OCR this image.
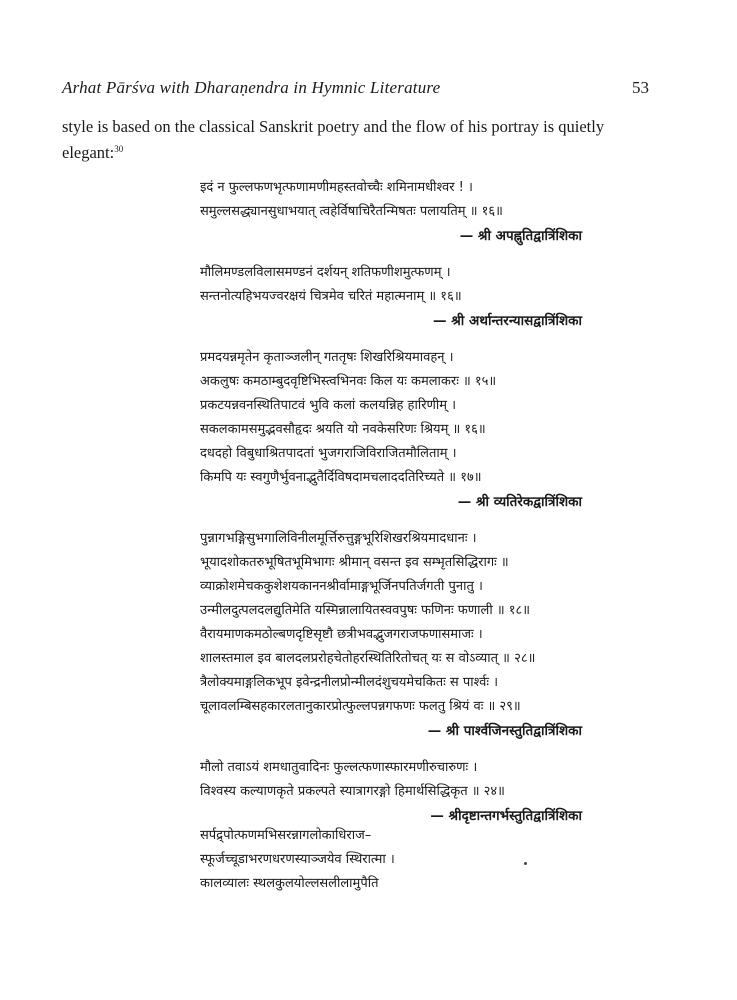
Arhat Pārśva with Dharaṇendra in Hymnic Literature	53
style is based on the classical Sanskrit poetry and the flow of his portray is quietly elegant:$^{30}$
इदं न फुल्लफणभृत्फणामणीमहस्तवोच्चैः शमिनामधीश्वर ! ।
समुल्लसद्ध्यानसुधाभयात् त्वहेर्विषाचिरैतन्मिषतः पलायतिम् ॥ १६॥
— श्री अपह्नुतिद्वात्रिंशिका
मौलिमण्डलविलासमण्डनं दर्शयन् शतिफणीशमुत्फणम् ।
सन्तनोत्यहिभयज्वरक्षयं चित्रमेव चरितं महात्मनाम् ॥ १६॥
— श्री अर्थान्तरन्यासद्वात्रिंशिका
प्रमदयन्नमृतेन कृताञ्जलीन् गततृषः शिखरिश्रियमावहन् ।
अकलुषः कमठाम्बुदवृष्टिभिस्त्वभिनवः किल यः कमलाकरः ॥ १५॥
प्रकटयन्नवनस्थितिपाटवं भुवि कलां कलयन्निह हारिणीम् ।
सकलकामसमुद्भवसौहृदः श्रयति यो नवकेसरिणः श्रियम् ॥ १६॥
दधदहो विबुधाश्रितपादतां भुजगराजिविराजितमौलिताम् ।
किमपि यः स्वगुणैर्भुवनाद्भुतैर्दिविषदामचलाददतिरिच्यते ॥ १७॥
— श्री व्यतिरेकद्वात्रिंशिका
पुन्नागभङ्गिसुभगालिविनीलमूर्त्तिरुत्तुङ्गभूरिशिखरश्रियमादधानः ।
भूयादशोकतरुभूषितभूमिभागः श्रीमान् वसन्त इव सम्भृतसिद्धिरागः ॥
व्याक्रोशमेचककुशेशयकाननश्रीर्वामाङ्गभूर्जिनपतिर्जगती पुनातु ।
उन्मीलदुत्पलदलद्युतिमेति यस्मिन्नालायितस्ववपुषः फणिनः फणाली ॥ १८॥
वैरायमाणकमठोल्बणदृष्टिसृष्टौ छत्रीभवद्भुजगराजफणासमाजः ।
शालस्तमाल इव बालदलप्ररोहचेतोहरस्थितिरितोचत् यः स वोऽव्यात् ॥ २८॥
त्रैलोक्यमाङ्गलिकभूप इवेन्द्रनीलप्रोन्मीलदंशुचयमेचकितः स पार्श्वः ।
चूलावलम्बिसहकारलतानुकारप्रोत्फुल्लपन्नगफणः फलतु श्रियं वः ॥ २९॥
— श्री पार्श्वजिनस्तुतिद्वात्रिंशिका
मौलो तवाऽयं शमधातुवादिनः फुल्लत्फणास्फारमणीरुचारुणः ।
विश्वस्य कल्याणकृते प्रकल्पते स्यात्रागरङ्गो हिमार्थसिद्धिकृत ॥ २४॥
— श्रीदृष्टान्तगर्भस्तुतिद्वात्रिंशिका
सर्पद्र्पोत्फणमभिसरन्नागलोकाधिराज–
स्फूर्जच्चूडाभरणधरणस्याञ्जयेव स्थिरात्मा ।
कालव्यालः स्थलकुलयोल्लसलीलामुपैति
